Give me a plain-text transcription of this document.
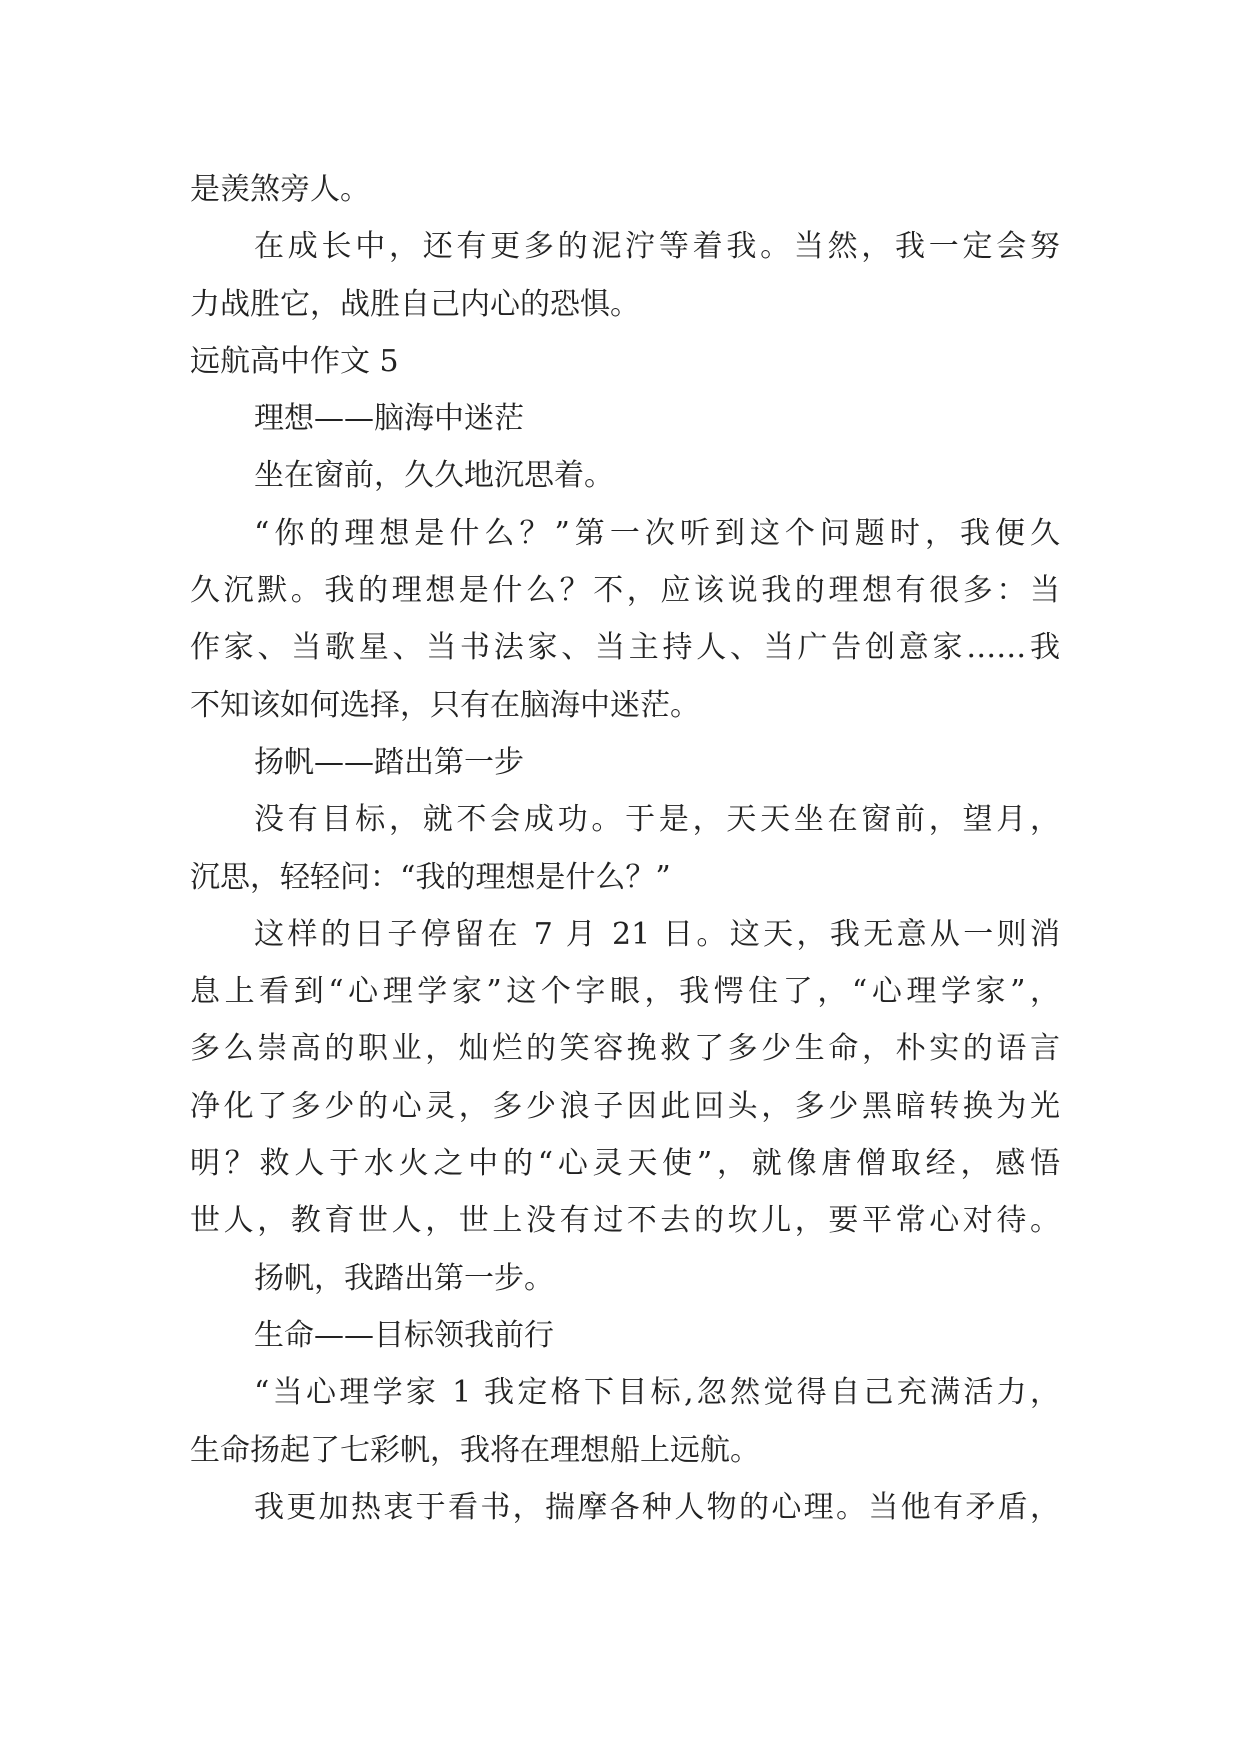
是羡煞旁人。
在成长中，还有更多的泥泞等着我。当然，我一定会努
力战胜它，战胜自己内心的恐惧。
远航高中作文 5
理想——脑海中迷茫
坐在窗前，久久地沉思着。
“你的理想是什么？”第一次听到这个问题时，我便久
久沉默。我的理想是什么？不，应该说我的理想有很多：当
作家、当歌星、当书法家、当主持人、当广告创意家……我
不知该如何选择，只有在脑海中迷茫。
扬帆——踏出第一步
没有目标，就不会成功。于是，天天坐在窗前，望月，
沉思，轻轻问：“我的理想是什么？”
这样的日子停留在 7 月 21 日。这天，我无意从一则消
息上看到“心理学家”这个字眼，我愕住了，“心理学家”，
多么崇高的职业，灿烂的笑容挽救了多少生命，朴实的语言
净化了多少的心灵，多少浪子因此回头，多少黑暗转换为光
明？救人于水火之中的“心灵天使”，就像唐僧取经，感悟
世人，教育世人，世上没有过不去的坎儿，要平常心对待。
扬帆，我踏出第一步。
生命——目标领我前行
“当心理学家 1 我定格下目标,忽然觉得自己充满活力，
生命扬起了七彩帆，我将在理想船上远航。
我更加热衷于看书，揣摩各种人物的心理。当他有矛盾，
